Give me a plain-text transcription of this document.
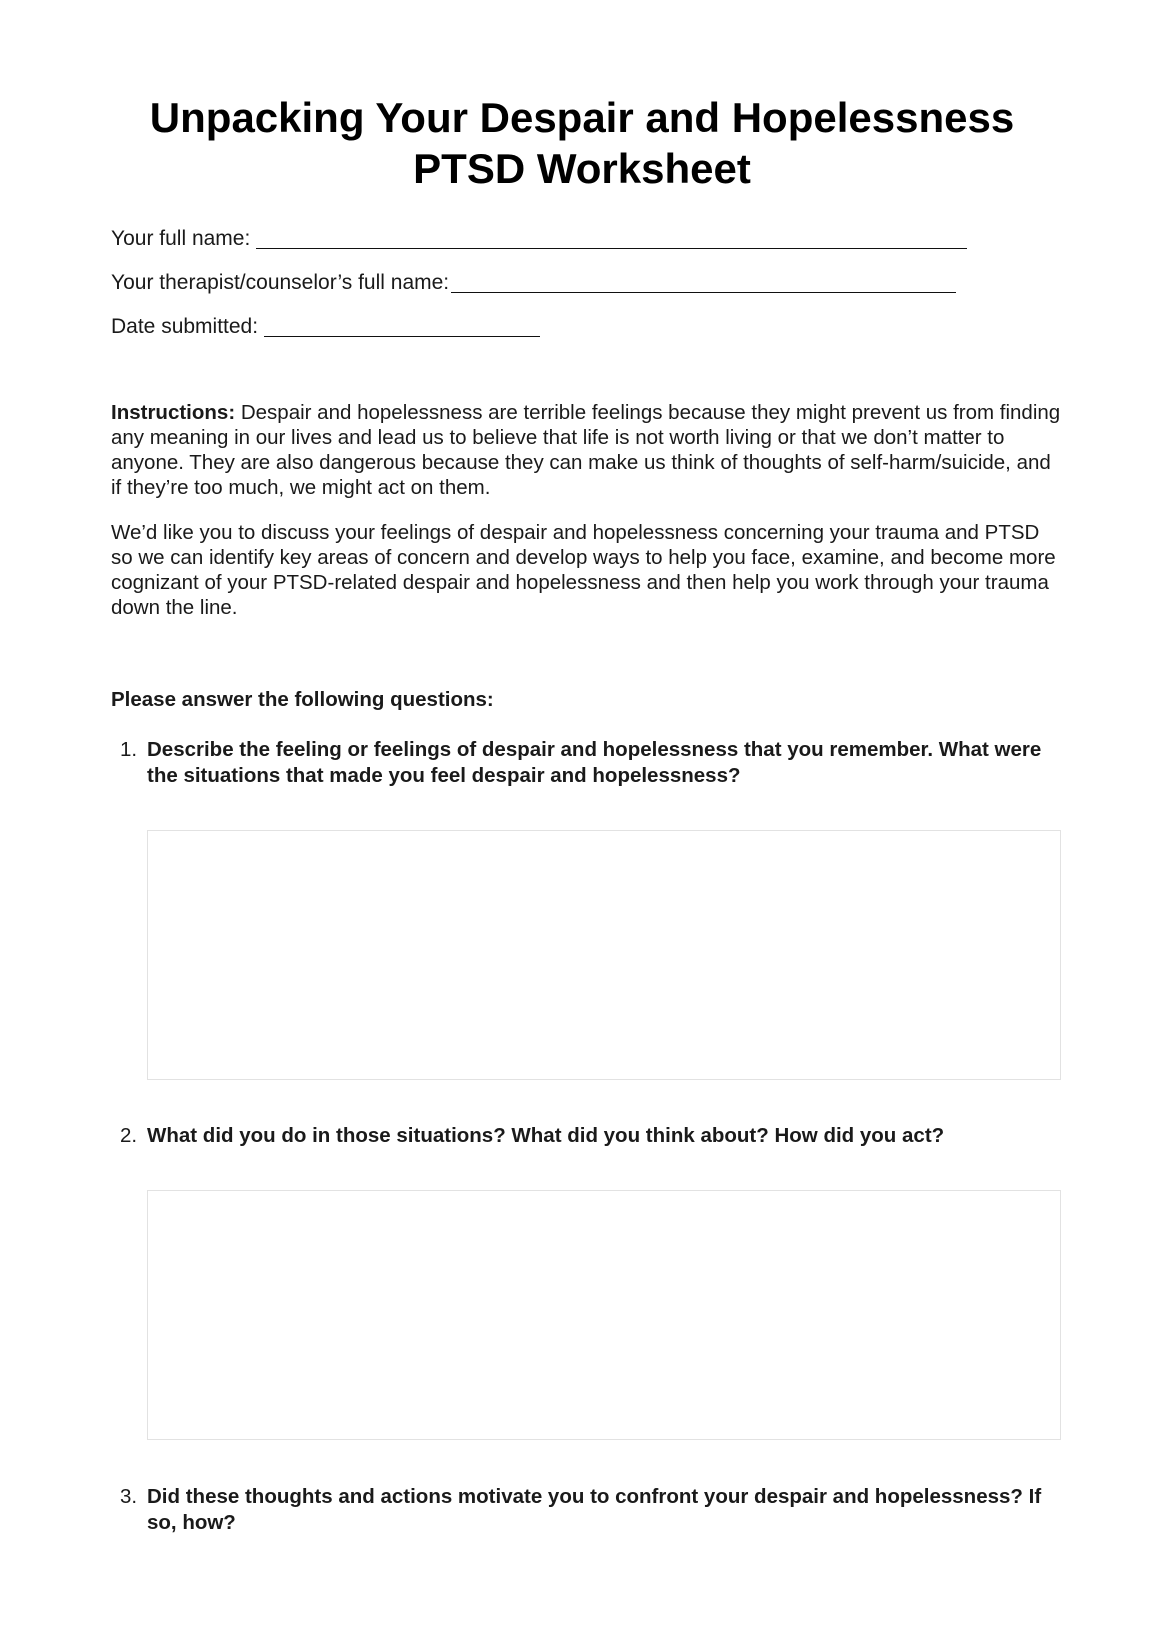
Unpacking Your Despair and Hopelessness
PTSD Worksheet
Your full name:
Your therapist/counselor’s full name:
Date submitted:

Instructions: Despair and hopelessness are terrible feelings because they might prevent us from finding any meaning in our lives and lead us to believe that life is not worth living or that we don’t matter to anyone. They are also dangerous because they can make us think of thoughts of self-harm/suicide, and if they’re too much, we might act on them.

We’d like you to discuss your feelings of despair and hopelessness concerning your trauma and PTSD so we can identify key areas of concern and develop ways to help you face, examine, and become more cognizant of your PTSD-related despair and hopelessness and then help you work through your trauma down the line.

Please answer the following questions:

1. Describe the feeling or feelings of despair and hopelessness that you remember. What were the situations that made you feel despair and hopelessness?
2. What did you do in those situations? What did you think about? How did you act?
3. Did these thoughts and actions motivate you to confront your despair and hopelessness? If so, how?
